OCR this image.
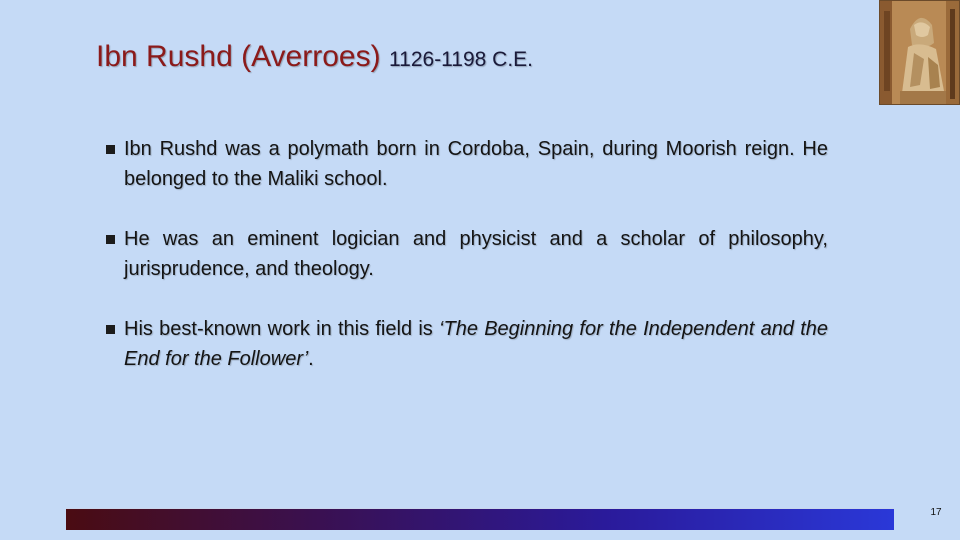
Ibn Rushd (Averroes) 1126-1198 C.E.
Ibn Rushd was a polymath born in Cordoba, Spain, during Moorish reign. He belonged to the Maliki school.
He was an eminent logician and physicist and a scholar of philosophy, jurisprudence, and theology.
His best-known work in this field is ‘The Beginning for the Independent and the End for the Follower’.
17
